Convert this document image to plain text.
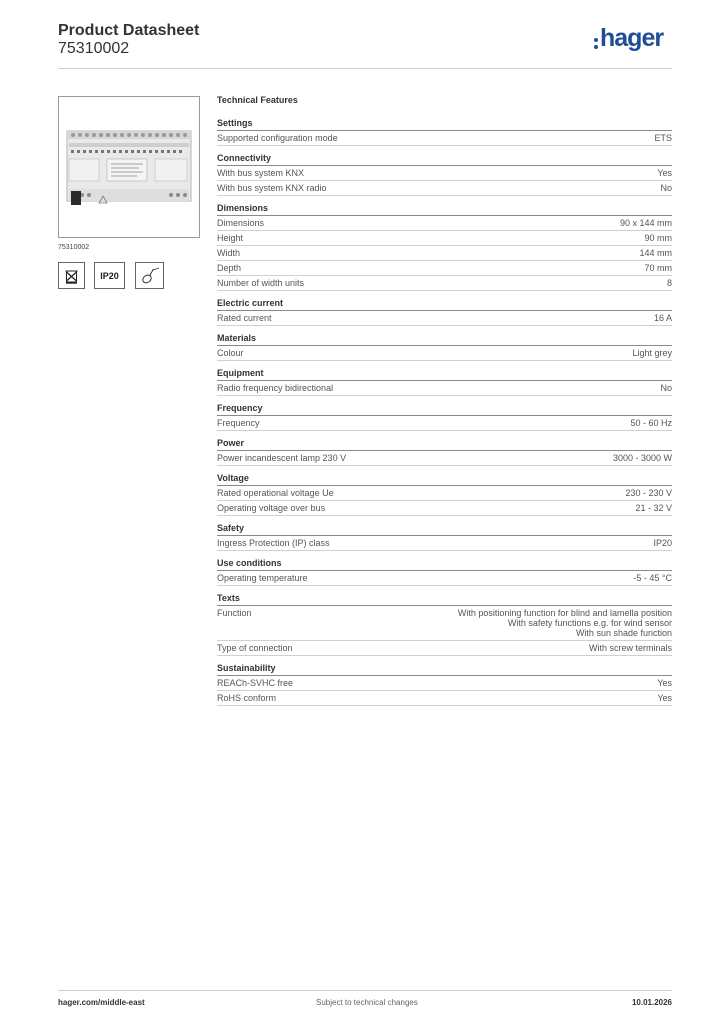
Product Datasheet
75310002	hager
75310002
IP20
Technical Features
Settings
Supported configuration mode	ETS
Connectivity
With bus system KNX	Yes
With bus system KNX radio	No
Dimensions
Dimensions	90 x 144 mm
Height	90 mm
Width	144 mm
Depth	70 mm
Number of width units	8
Electric current
Rated current	16 A
Materials
Colour	Light grey
Equipment
Radio frequency bidirectional	No
Frequency
Frequency	50 - 60 Hz
Power
Power incandescent lamp 230 V	3000 - 3000 W
Voltage
Rated operational voltage Ue	230 - 230 V
Operating voltage over bus	21 - 32 V
Safety
Ingress Protection (IP) class	IP20
Use conditions
Operating temperature	-5 - 45 °C
Texts
Function	With positioning function for blind and lamella position
With safety functions e.g. for wind sensor
With sun shade function
Type of connection	With screw terminals
Sustainability
REACh-SVHC free	Yes
RoHS conform	Yes
hager.com/middle-east	Subject to technical changes	10.01.2026
